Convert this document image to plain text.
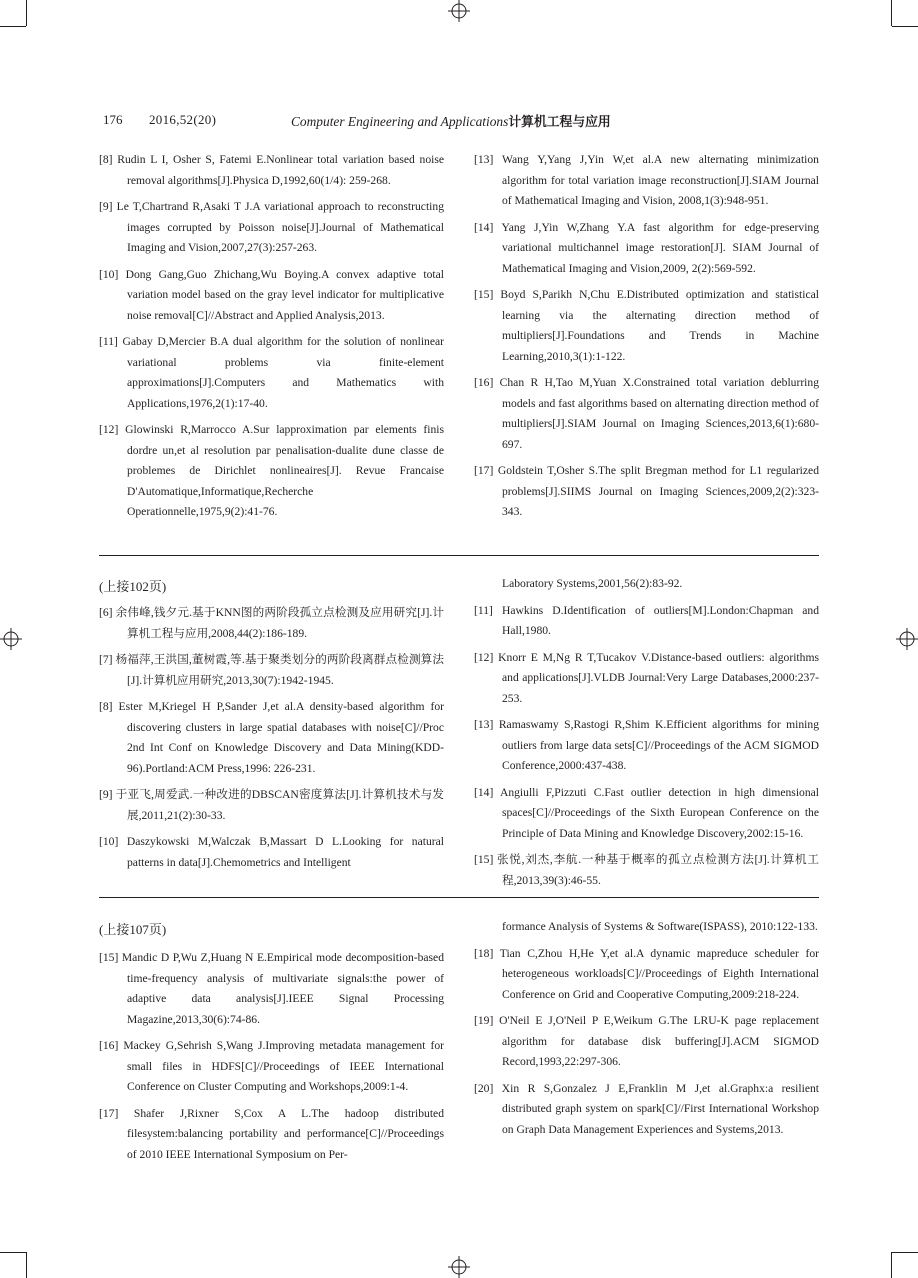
176 2016,52(20)	Computer Engineering and Applications计算机工程与应用

[8] Rudin L I, Osher S, Fatemi E.Nonlinear total variation based noise removal algorithms[J].Physica D,1992,60(1/4): 259-268.

[9] Le T,Chartrand R,Asaki T J.A variational approach to reconstructing images corrupted by Poisson noise[J].Journal of Mathematical Imaging and Vision,2007,27(3):257-263.

[10] Dong Gang,Guo Zhichang,Wu Boying.A convex adaptive total variation model based on the gray level indicator for multiplicative noise removal[C]//Abstract and Applied Analysis,2013.

[11] Gabay D,Mercier B.A dual algorithm for the solution of nonlinear variational problems via finite-element approximations[J].Computers and Mathematics with Applications,1976,2(1):17-40.

[12] Glowinski R,Marrocco A.Sur lapproximation par elements finis dordre un,et al resolution par penalisation-dualite dune classe de problemes de Dirichlet nonlineaires[J]. Revue Francaise D'Automatique,Informatique,Recherche Operationnelle,1975,9(2):41-76.

[13] Wang Y,Yang J,Yin W,et al.A new alternating minimization algorithm for total variation image reconstruction[J].SIAM Journal of Mathematical Imaging and Vision, 2008,1(3):948-951.

[14] Yang J,Yin W,Zhang Y.A fast algorithm for edge-preserving variational multichannel image restoration[J]. SIAM Journal of Mathematical Imaging and Vision,2009, 2(2):569-592.

[15] Boyd S,Parikh N,Chu E.Distributed optimization and statistical learning via the alternating direction method of multipliers[J].Foundations and Trends in Machine Learning,2010,3(1):1-122.

[16] Chan R H,Tao M,Yuan X.Constrained total variation deblurring models and fast algorithms based on alternating direction method of multipliers[J].SIAM Journal on Imaging Sciences,2013,6(1):680-697.

[17] Goldstein T,Osher S.The split Bregman method for L1 regularized problems[J].SIIMS Journal on Imaging Sciences,2009,2(2):323-343.

(上接102页)

[6] 余伟峰,钱夕元.基于KNN图的两阶段孤立点检测及应用研究[J].计算机工程与应用,2008,44(2):186-189.

[7] 杨福萍,王洪国,董树霞,等.基于聚类划分的两阶段离群点检测算法[J].计算机应用研究,2013,30(7):1942-1945.

[8] Ester M,Kriegel H P,Sander J,et al.A density-based algorithm for discovering clusters in large spatial databases with noise[C]//Proc 2nd Int Conf on Knowledge Discovery and Data Mining(KDD-96).Portland:ACM Press,1996: 226-231.

[9] 于亚飞,周爱武.一种改进的DBSCAN密度算法[J].计算机技术与发展,2011,21(2):30-33.

[10] Daszykowski M,Walczak B,Massart D L.Looking for natural patterns in data[J].Chemometrics and Intelligent

Laboratory Systems,2001,56(2):83-92.

[11] Hawkins D.Identification of outliers[M].London:Chapman and Hall,1980.

[12] Knorr E M,Ng R T,Tucakov V.Distance-based outliers: algorithms and applications[J].VLDB Journal:Very Large Databases,2000:237-253.

[13] Ramaswamy S,Rastogi R,Shim K.Efficient algorithms for mining outliers from large data sets[C]//Proceedings of the ACM SIGMOD Conference,2000:437-438.

[14] Angiulli F,Pizzuti C.Fast outlier detection in high dimensional spaces[C]//Proceedings of the Sixth European Conference on the Principle of Data Mining and Knowledge Discovery,2002:15-16.

[15] 张悦,刘杰,李航.一种基于概率的孤立点检测方法[J].计算机工程,2013,39(3):46-55.

(上接107页)

[15] Mandic D P,Wu Z,Huang N E.Empirical mode decomposition-based time-frequency analysis of multivariate signals:the power of adaptive data analysis[J].IEEE Signal Processing Magazine,2013,30(6):74-86.

[16] Mackey G,Sehrish S,Wang J.Improving metadata management for small files in HDFS[C]//Proceedings of IEEE International Conference on Cluster Computing and Workshops,2009:1-4.

[17] Shafer J,Rixner S,Cox A L.The hadoop distributed filesystem:balancing portability and performance[C]//Proceedings of 2010 IEEE International Symposium on Per-

formance Analysis of Systems & Software(ISPASS), 2010:122-133.

[18] Tian C,Zhou H,He Y,et al.A dynamic mapreduce scheduler for heterogeneous workloads[C]//Proceedings of Eighth International Conference on Grid and Cooperative Computing,2009:218-224.

[19] O'Neil E J,O'Neil P E,Weikum G.The LRU-K page replacement algorithm for database disk buffering[J].ACM SIGMOD Record,1993,22:297-306.

[20] Xin R S,Gonzalez J E,Franklin M J,et al.Graphx:a resilient distributed graph system on spark[C]//First International Workshop on Graph Data Management Experiences and Systems,2013.
